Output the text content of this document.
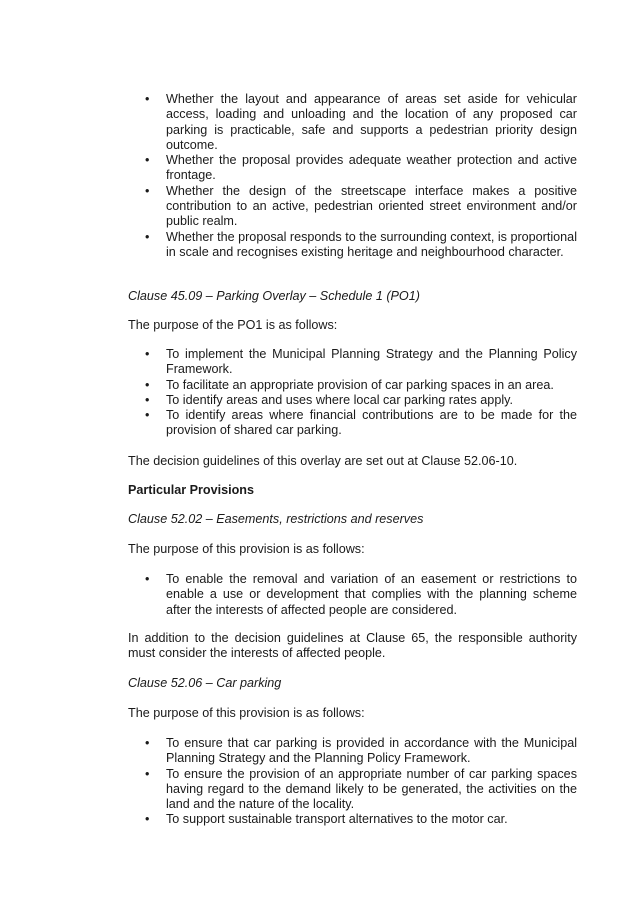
• Whether the layout and appearance of areas set aside for vehicular access, loading and unloading and the location of any proposed car parking is practicable, safe and supports a pedestrian priority design outcome.
• Whether the proposal provides adequate weather protection and active frontage.
• Whether the design of the streetscape interface makes a positive contribution to an active, pedestrian oriented street environment and/or public realm.
• Whether the proposal responds to the surrounding context, is proportional in scale and recognises existing heritage and neighbourhood character.

Clause 45.09 – Parking Overlay – Schedule 1 (PO1)

The purpose of the PO1 is as follows:

• To implement the Municipal Planning Strategy and the Planning Policy Framework.
• To facilitate an appropriate provision of car parking spaces in an area.
• To identify areas and uses where local car parking rates apply.
• To identify areas where financial contributions are to be made for the provision of shared car parking.

The decision guidelines of this overlay are set out at Clause 52.06-10.

Particular Provisions

Clause 52.02 – Easements, restrictions and reserves

The purpose of this provision is as follows:

• To enable the removal and variation of an easement or restrictions to enable a use or development that complies with the planning scheme after the interests of affected people are considered.

In addition to the decision guidelines at Clause 65, the responsible authority must consider the interests of affected people.

Clause 52.06 – Car parking

The purpose of this provision is as follows:

• To ensure that car parking is provided in accordance with the Municipal Planning Strategy and the Planning Policy Framework.
• To ensure the provision of an appropriate number of car parking spaces having regard to the demand likely to be generated, the activities on the land and the nature of the locality.
• To support sustainable transport alternatives to the motor car.
